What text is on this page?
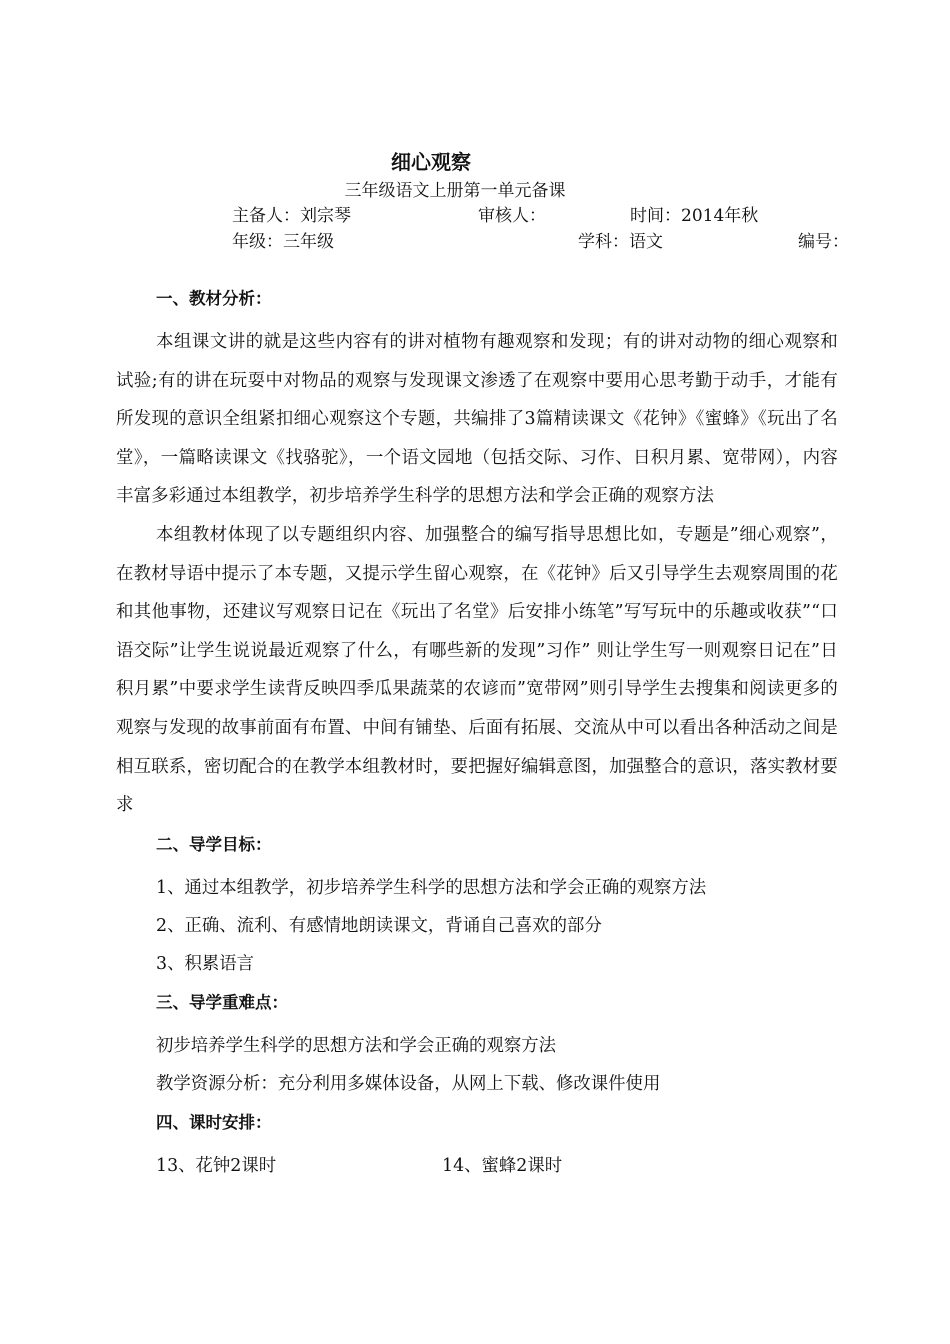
细心观察
三年级语文上册第一单元备课
主备人：刘宗琴	审核人：	时间：2014年秋
年级：三年级	学科：语文	编号：
一、教材分析：

本组课文讲的就是这些内容有的讲对植物有趣观察和发现；有的讲对动物的细心观察和试验;有的讲在玩耍中对物品的观察与发现课文渗透了在观察中要用心思考勤于动手，才能有所发现的意识全组紧扣细心观察这个专题，共编排了3篇精读课文《花钟》《蜜蜂》《玩出了名堂》，一篇略读课文《找骆驼》，一个语文园地（包括交际、习作、日积月累、宽带网），内容丰富多彩通过本组教学，初步培养学生科学的思想方法和学会正确的观察方法

本组教材体现了以专题组织内容、加强整合的编写指导思想比如，专题是”细心观察”，在教材导语中提示了本专题，又提示学生留心观察，在《花钟》后又引导学生去观察周围的花和其他事物，还建议写观察日记在《玩出了名堂》后安排小练笔”写写玩中的乐趣或收获”“口语交际”让学生说说最近观察了什么，有哪些新的发现”习作” 则让学生写一则观察日记在”日积月累”中要求学生读背反映四季瓜果蔬菜的农谚而”宽带网”则引导学生去搜集和阅读更多的观察与发现的故事前面有布置、中间有铺垫、后面有拓展、交流从中可以看出各种活动之间是相互联系，密切配合的在教学本组教材时，要把握好编辑意图，加强整合的意识，落实教材要求

二、导学目标：

1、通过本组教学，初步培养学生科学的思想方法和学会正确的观察方法

2、正确、流利、有感情地朗读课文，背诵自己喜欢的部分

3、积累语言

三、导学重难点：

初步培养学生科学的思想方法和学会正确的观察方法

教学资源分析：充分利用多媒体设备，从网上下载、修改课件使用

四、课时安排：
13、花钟2课时	14、蜜蜂2课时
